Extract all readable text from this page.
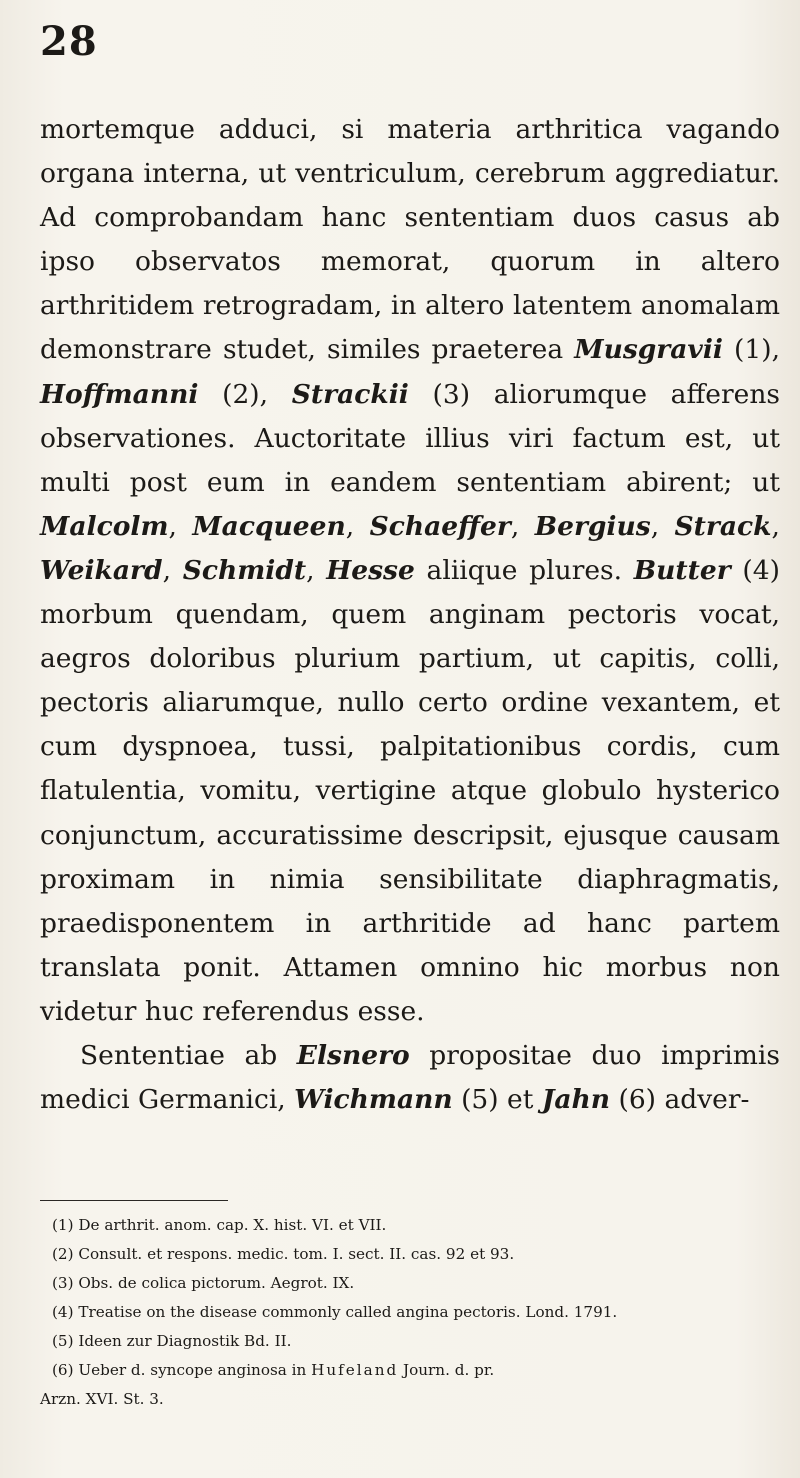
28

mortemque adduci, si materia arthritica vagando organa interna, ut ventriculum, cerebrum aggrediatur. Ad comprobandam hanc sententiam duos casus ab ipso observatos memorat, quorum in altero arthritidem retrogradam, in altero latentem anomalam demonstrare studet, similes praeterea Musgravii (1), Hoffmanni (2), Strackii (3) aliorumque afferens observationes. Auctoritate illius viri factum est, ut multi post eum in eandem sententiam abirent; ut Malcolm, Macqueen, Schaeffer, Bergius, Strack, Weikard, Schmidt, Hesse aliique plures. Butter (4) morbum quendam, quem anginam pectoris vocat, aegros doloribus plurium partium, ut capitis, colli, pectoris aliarumque, nullo certo ordine vexantem, et cum dyspnoea, tussi, palpitationibus cordis, cum flatulentia, vomitu, vertigine atque globulo hysterico conjunctum, accuratissime descripsit, ejusque causam proximam in nimia sensibilitate diaphragmatis, praedisponentem in arthritide ad hanc partem translata ponit. Attamen omnino hic morbus non videtur huc referendus esse.

Sententiae ab Elsnero propositae duo imprimis medici Germanici, Wichmann (5) et Jahn (6) adver-

(1) De arthrit. anom. cap. X. hist. VI. et VII.
(2) Consult. et respons. medic. tom. I. sect. II. cas. 92 et 93.
(3) Obs. de colica pictorum. Aegrot. IX.
(4) Treatise on the disease commonly called angina pectoris. Lond. 1791.
(5) Ideen zur Diagnostik Bd. II.
(6) Ueber d. syncope anginosa in Hufeland Journ. d. pr.
Arzn. XVI. St. 3.
